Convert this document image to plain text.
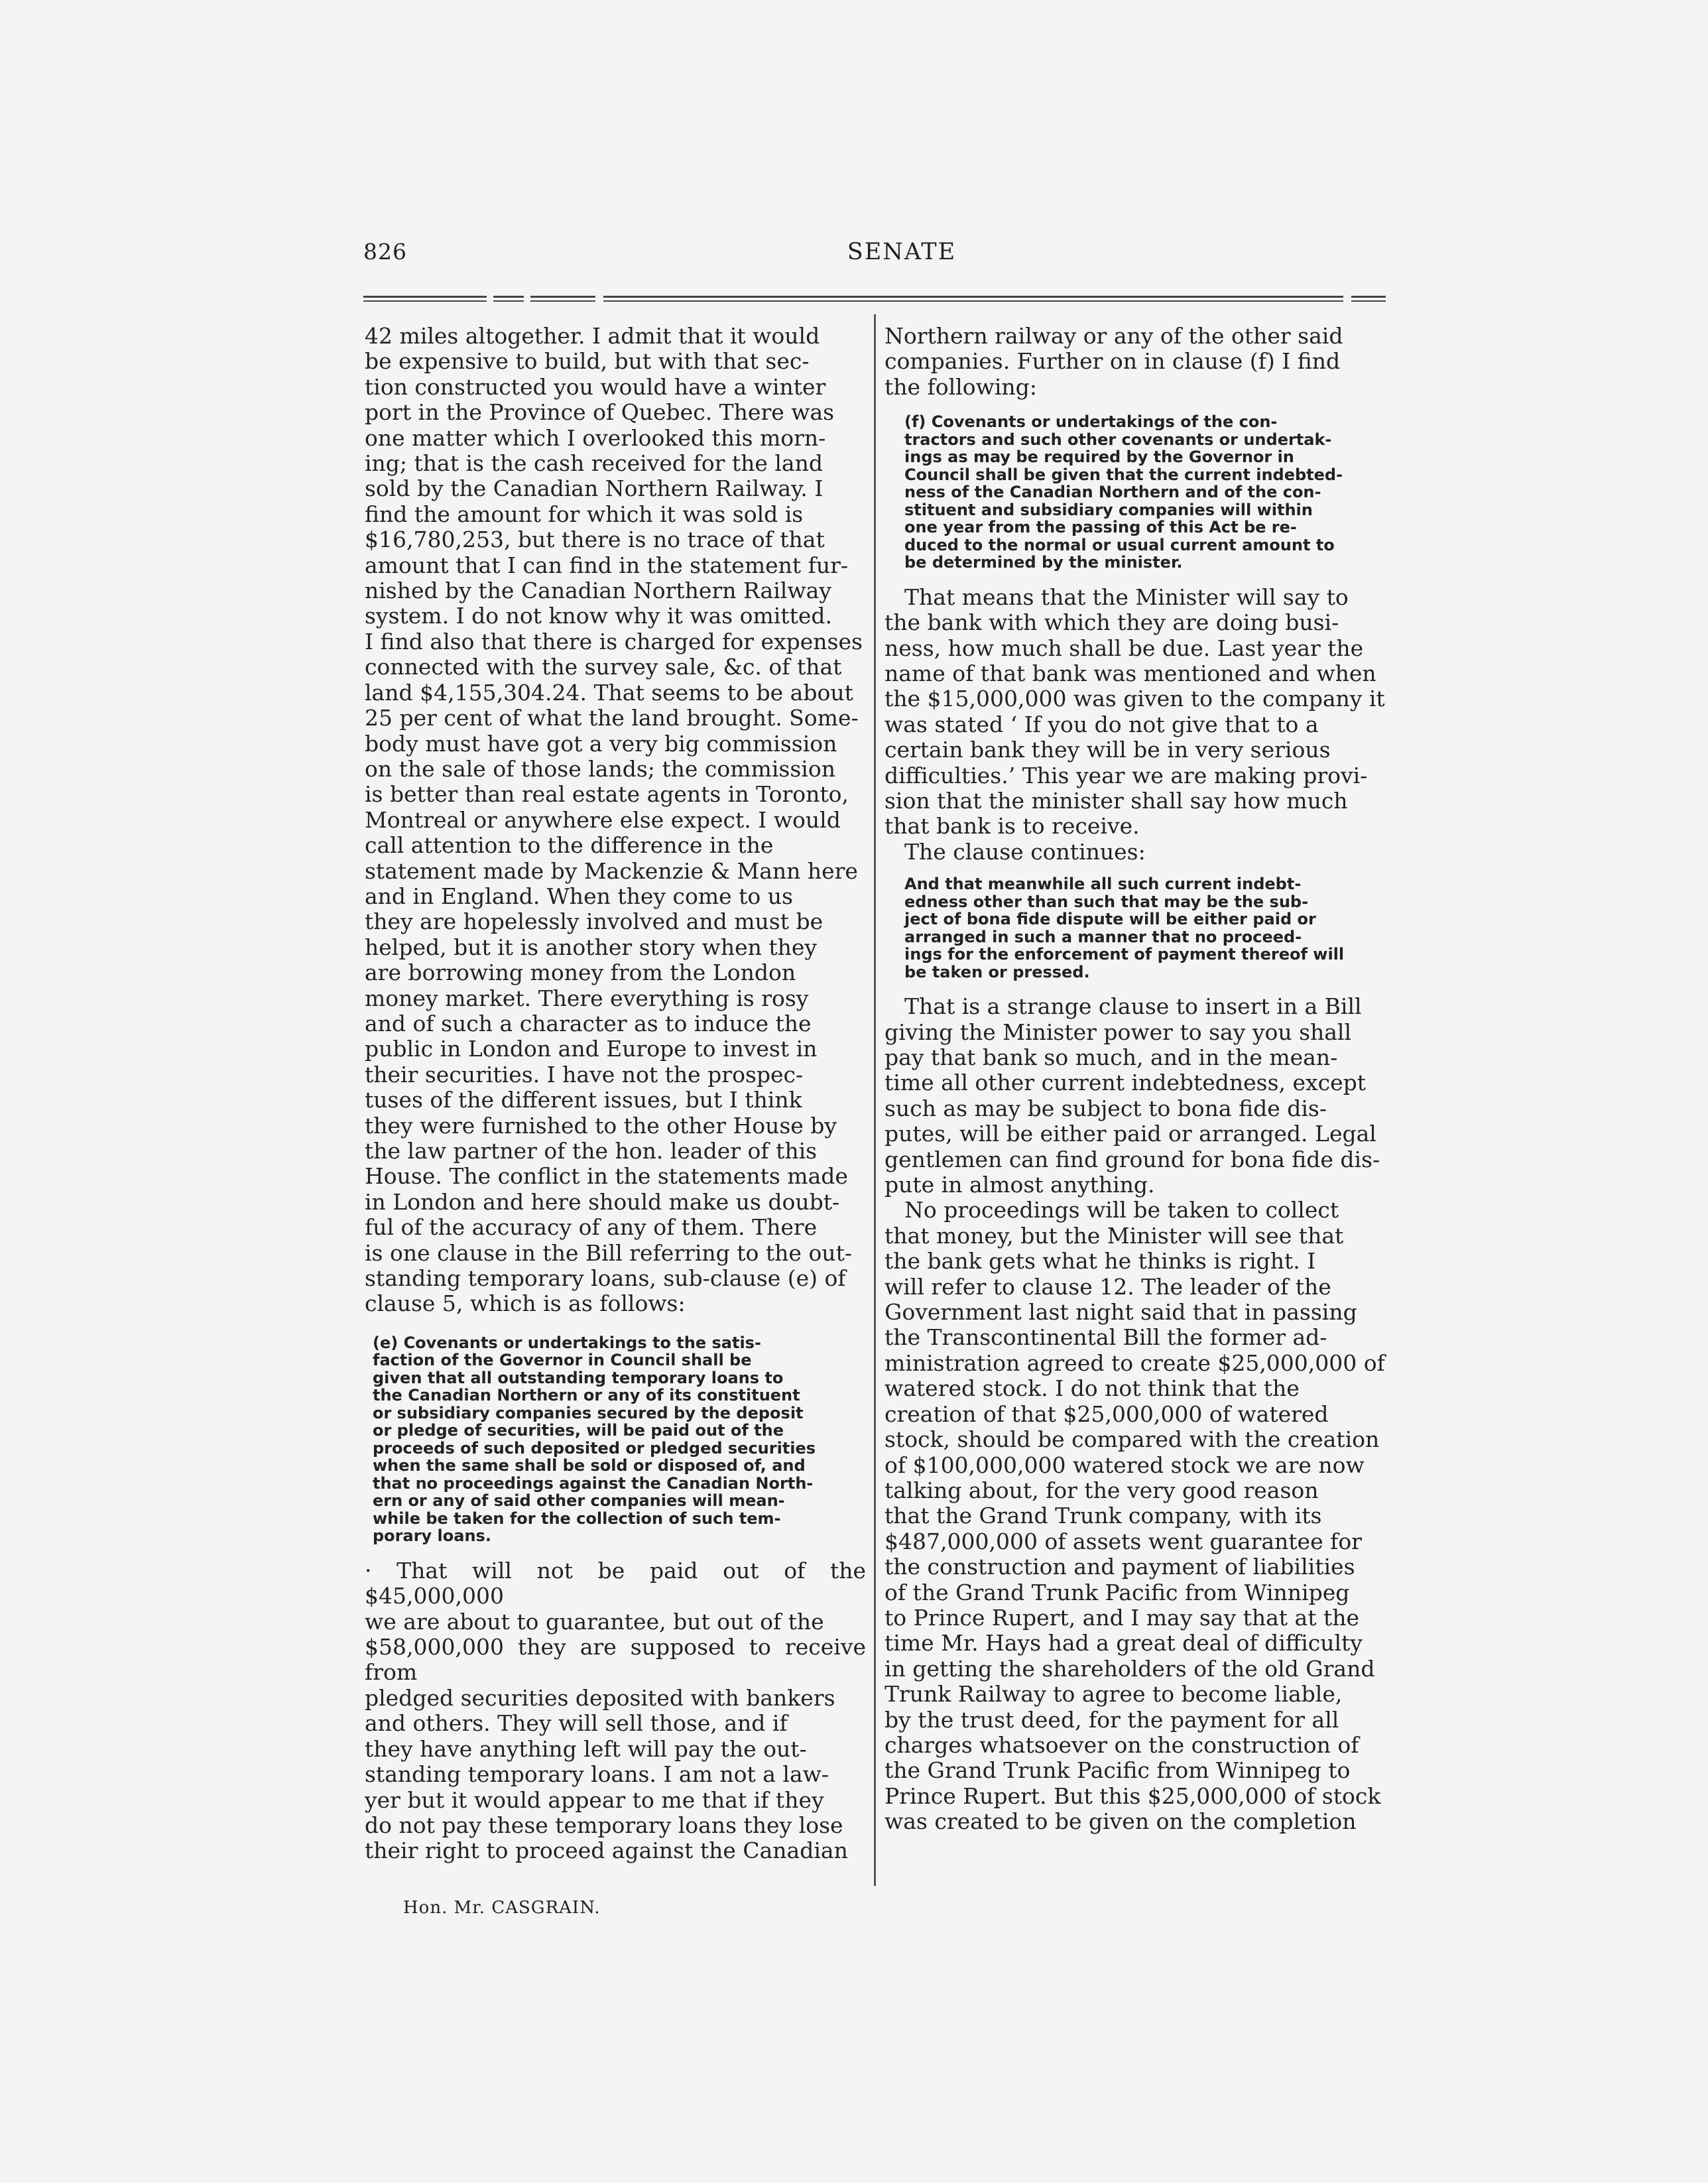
826	SENATE

42 miles altogether. I admit that it would
be expensive to build, but with that sec-
tion constructed you would have a winter
port in the Province of Quebec. There was
one matter which I overlooked this morn-
ing; that is the cash received for the land
sold by the Canadian Northern Railway. I
find the amount for which it was sold is
$16,780,253, but there is no trace of that
amount that I can find in the statement fur-
nished by the Canadian Northern Railway
system. I do not know why it was omitted.
I find also that there is charged for expenses
connected with the survey sale, &c. of that
land $4,155,304.24. That seems to be about
25 per cent of what the land brought. Some-
body must have got a very big commission
on the sale of those lands; the commission
is better than real estate agents in Toronto,
Montreal or anywhere else expect. I would
call attention to the difference in the
statement made by Mackenzie & Mann here
and in England. When they come to us
they are hopelessly involved and must be
helped, but it is another story when they
are borrowing money from the London
money market. There everything is rosy
and of such a character as to induce the
public in London and Europe to invest in
their securities. I have not the prospec-
tuses of the different issues, but I think
they were furnished to the other House by
the law partner of the hon. leader of this
House. The conflict in the statements made
in London and here should make us doubt-
ful of the accuracy of any of them. There
is one clause in the Bill referring to the out-
standing temporary loans, sub-clause (e) of
clause 5, which is as follows:

(e) Covenants or undertakings to the satis-
faction of the Governor in Council shall be
given that all outstanding temporary loans to
the Canadian Northern or any of its constituent
or subsidiary companies secured by the deposit
or pledge of securities, will be paid out of the
proceeds of such deposited or pledged securities
when the same shall be sold or disposed of, and
that no proceedings against the Canadian North-
ern or any of said other companies will mean-
while be taken for the collection of such tem-
porary loans.

· That will not be paid out of the $45,000,000
we are about to guarantee, but out of the
$58,000,000 they are supposed to receive from
pledged securities deposited with bankers
and others. They will sell those, and if
they have anything left will pay the out-
standing temporary loans. I am not a law-
yer but it would appear to me that if they
do not pay these temporary loans they lose
their right to proceed against the Canadian

Northern railway or any of the other said
companies. Further on in clause (f) I find
the following:

(f) Covenants or undertakings of the con-
tractors and such other covenants or undertak-
ings as may be required by the Governor in
Council shall be given that the current indebted-
ness of the Canadian Northern and of the con-
stituent and subsidiary companies will within
one year from the passing of this Act be re-
duced to the normal or usual current amount to
be determined by the minister.

That means that the Minister will say to
the bank with which they are doing busi-
ness, how much shall be due. Last year the
name of that bank was mentioned and when
the $15,000,000 was given to the company it
was stated ‘ If you do not give that to a
certain bank they will be in very serious
difficulties.’ This year we are making provi-
sion that the minister shall say how much
that bank is to receive.

The clause continues:

And that meanwhile all such current indebt-
edness other than such that may be the sub-
ject of bona fide dispute will be either paid or
arranged in such a manner that no proceed-
ings for the enforcement of payment thereof will
be taken or pressed.

That is a strange clause to insert in a Bill
giving the Minister power to say you shall
pay that bank so much, and in the mean-
time all other current indebtedness, except
such as may be subject to bona fide dis-
putes, will be either paid or arranged. Legal
gentlemen can find ground for bona fide dis-
pute in almost anything.

No proceedings will be taken to collect
that money, but the Minister will see that
the bank gets what he thinks is right. I
will refer to clause 12. The leader of the
Government last night said that in passing
the Transcontinental Bill the former ad-
ministration agreed to create $25,000,000 of
watered stock. I do not think that the
creation of that $25,000,000 of watered
stock, should be compared with the creation
of $100,000,000 watered stock we are now
talking about, for the very good reason
that the Grand Trunk company, with its
$487,000,000 of assets went guarantee for
the construction and payment of liabilities
of the Grand Trunk Pacific from Winnipeg
to Prince Rupert, and I may say that at the
time Mr. Hays had a great deal of difficulty
in getting the shareholders of the old Grand
Trunk Railway to agree to become liable,
by the trust deed, for the payment for all
charges whatsoever on the construction of
the Grand Trunk Pacific from Winnipeg to
Prince Rupert. But this $25,000,000 of stock
was created to be given on the completion

Hon. Mr. CASGRAIN.
